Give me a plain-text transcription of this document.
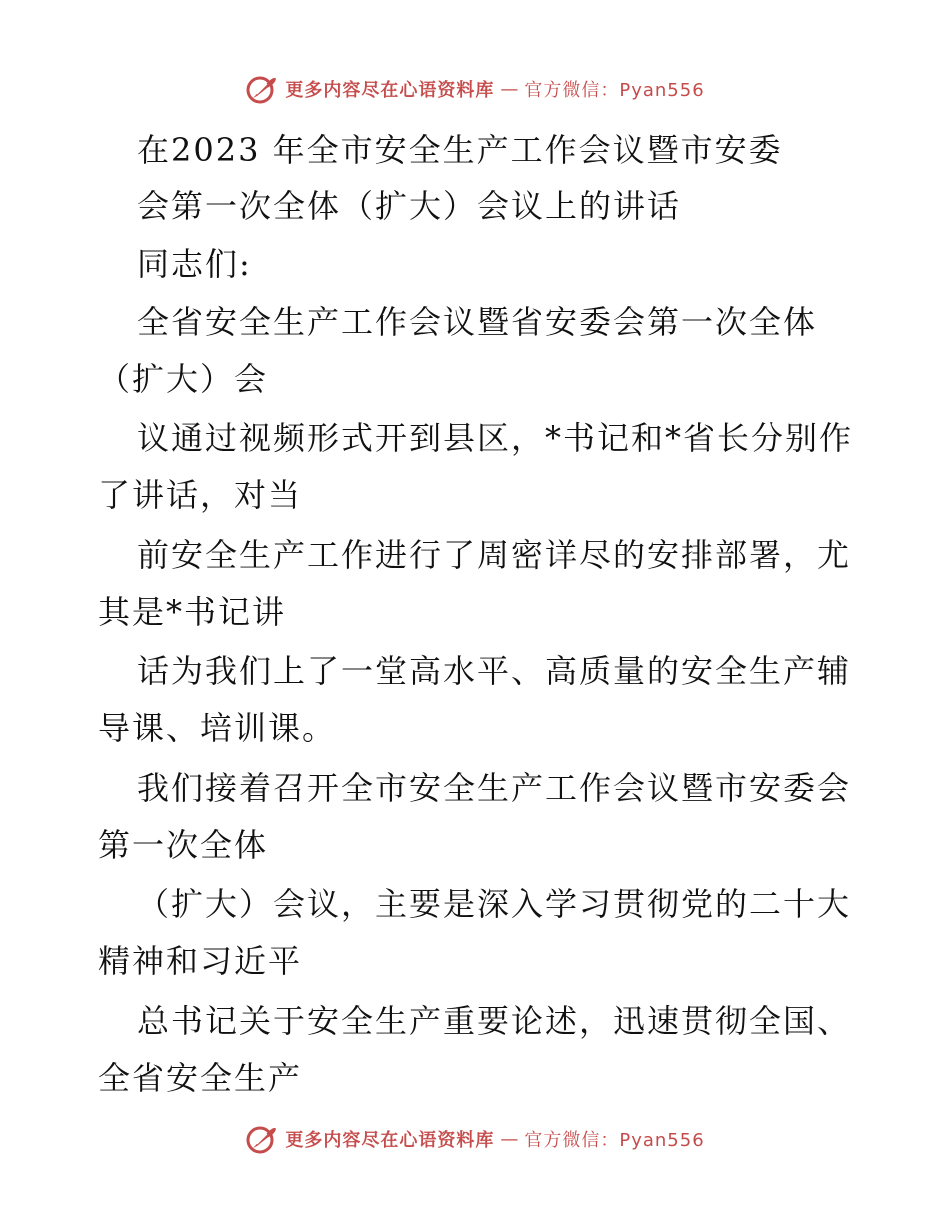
更多内容尽在心语资料库 — 官方微信：Pyan556
在2023 年全市安全生产工作会议暨市安委
会第一次全体（扩大）会议上的讲话
同志们:
全省安全生产工作会议暨省安委会第一次全体
（扩大）会
议通过视频形式开到县区，*书记和*省长分别作
了讲话，对当
前安全生产工作进行了周密详尽的安排部署，尤
其是*书记讲
话为我们上了一堂高水平、高质量的安全生产辅
导课、培训课。
我们接着召开全市安全生产工作会议暨市安委会
第一次全体
（扩大）会议，主要是深入学习贯彻党的二十大
精神和习近平
总书记关于安全生产重要论述，迅速贯彻全国、
全省安全生产
更多内容尽在心语资料库 — 官方微信：Pyan556
